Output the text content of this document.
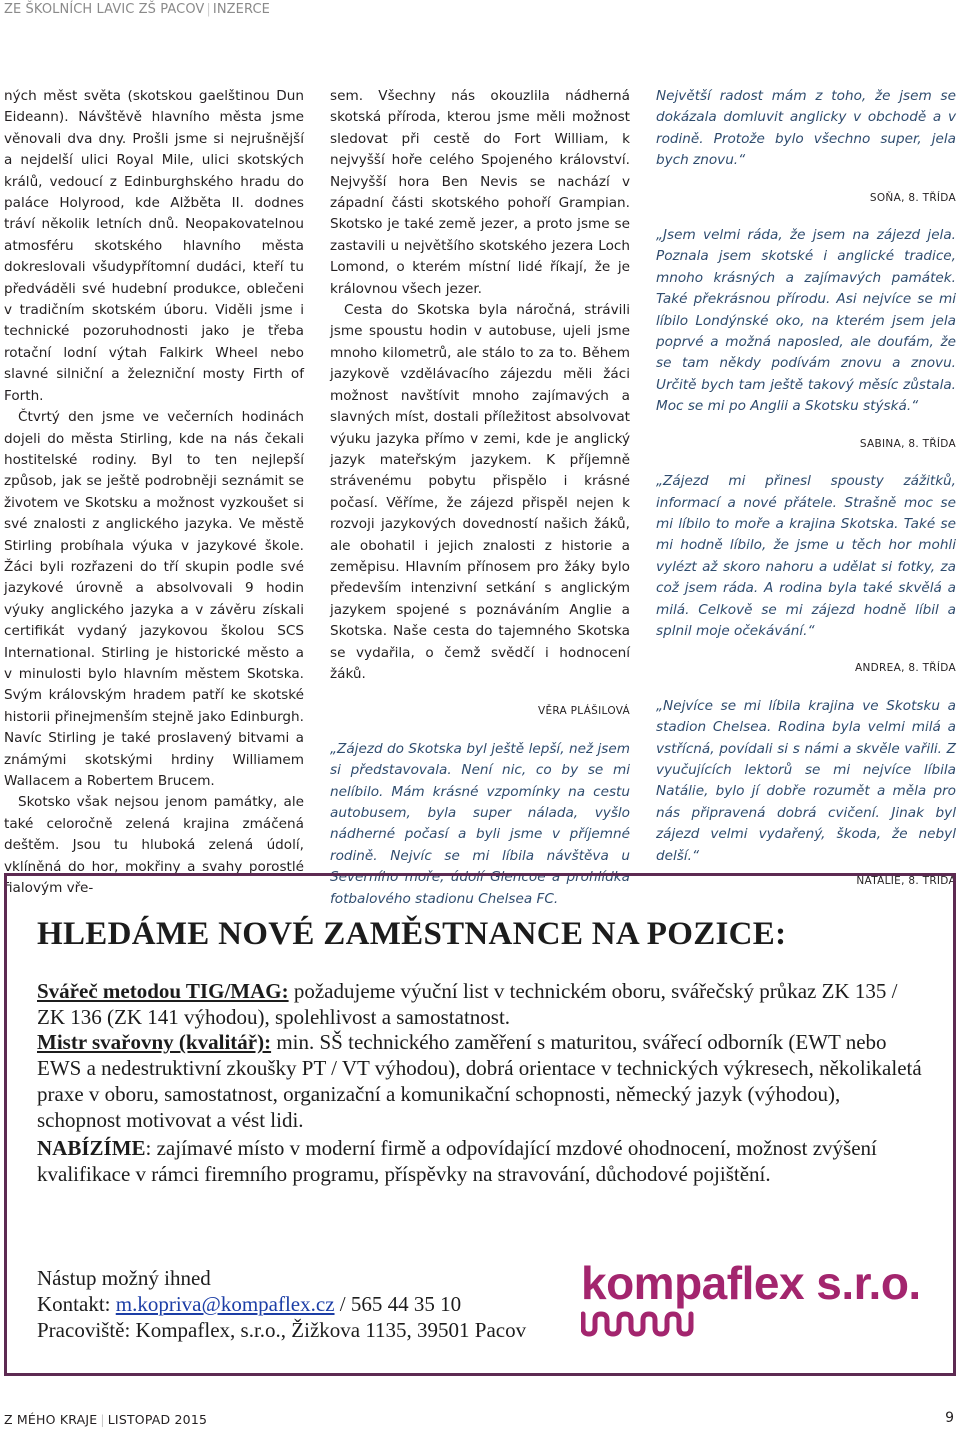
ZE ŠKOLNÍCH LAVIC ZŠ PACOV | INZERCE

ných měst světa (skotskou gaelštinou Dun Eideann). Návštěvě hlavního města jsme věnovali dva dny. Prošli jsme si nejrušnější a nejdelší ulici Royal Mile, ulici skotských králů, vedoucí z Edinburghského hradu do paláce Holyrood, kde Alžběta II. dodnes tráví několik letních dnů. Neopakovatelnou atmosféru skotského hlavního města dokreslovali všudypřítomní dudáci, kteří tu předváděli své hudební produkce, oblečeni v tradičním skotském úboru. Viděli jsme i technické pozoruhodnosti jako je třeba rotační lodní výtah Falkirk Wheel nebo slavné silniční a železniční mosty Firth of Forth.

Čtvrtý den jsme ve večerních hodinách dojeli do města Stirling, kde na nás čekali hostitelské rodiny. Byl to ten nejlepší způsob, jak se ještě podrobněji seznámit se životem ve Skotsku a možnost vyzkoušet si své znalosti z anglického jazyka. Ve městě Stirling probíhala výuka v jazykové škole. Žáci byli rozřazeni do tří skupin podle své jazykové úrovně a absolvovali 9 hodin výuky anglického jazyka a v závěru získali certifikát vydaný jazykovou školou SCS International. Stirling je historické město a v minulosti bylo hlavním městem Skotska. Svým královským hradem patří ke skotské historii přinejmenším stejně jako Edinburgh. Navíc Stirling je také proslavený bitvami a známými skotskými hrdiny Williamem Wallacem a Robertem Brucem.

Skotsko však nejsou jenom památky, ale také celoročně zelená krajina zmáčená deštěm. Jsou tu hluboká zelená údolí, vklíněná do hor, mokřiny a svahy porostlé fialovým vře-

sem. Všechny nás okouzlila nádherná skotská příroda, kterou jsme měli možnost sledovat při cestě do Fort William, k nejvyšší hoře celého Spojeného království. Nejvyšší hora Ben Nevis se nachází v západní části skotského pohoří Grampian. Skotsko je také země jezer, a proto jsme se zastavili u největšího skotského jezera Loch Lomond, o kterém místní lidé říkají, že je královnou všech jezer.

Cesta do Skotska byla náročná, strávili jsme spoustu hodin v autobuse, ujeli jsme mnoho kilometrů, ale stálo to za to. Během jazykově vzdělávacího zájezdu měli žáci možnost navštívit mnoho zajímavých a slavných míst, dostali příležitost absolvovat výuku jazyka přímo v zemi, kde je anglický jazyk mateřským jazykem. K příjemně strávenému pobytu přispělo i krásné počasí. Věříme, že zájezd přispěl nejen k rozvoji jazykových dovedností našich žáků, ale obohatil i jejich znalosti z historie a zeměpisu. Hlavním přínosem pro žáky bylo především intenzivní setkání s anglickým jazykem spojené s poznáváním Anglie a Skotska. Naše cesta do tajemného Skotska se vydařila, o čemž svědčí i hodnocení žáků.

VĚRA PLÁŠILOVÁ

„Zájezd do Skotska byl ještě lepší, než jsem si představovala. Není nic, co by se mi nelíbilo. Mám krásné vzpomínky na cestu autobusem, byla super nálada, vyšlo nádherné počasí a byli jsme v příjemné rodině. Nejvíc se mi líbila návštěva u Severního moře, údolí Glencoe a prohlídka fotbalového stadionu Chelsea FC.

Největší radost mám z toho, že jsem se dokázala domluvit anglicky v obchodě a v rodině. Protože bylo všechno super, jela bych znovu.“

SOŇA, 8. TŘÍDA

„Jsem velmi ráda, že jsem na zájezd jela. Poznala jsem skotské i anglické tradice, mnoho krásných a zajímavých památek. Také překrásnou přírodu. Asi nejvíce se mi líbilo Londýnské oko, na kterém jsem jela poprvé a možná naposled, ale doufám, že se tam někdy podívám znovu a znovu. Určitě bych tam ještě takový měsíc zůstala. Moc se mi po Anglii a Skotsku stýská.“

SABINA, 8. TŘÍDA

„Zájezd mi přinesl spousty zážitků, informací a nové přátele. Strašně moc se mi líbilo to moře a krajina Skotska. Také se mi hodně líbilo, že jsme u těch hor mohli vylézt až skoro nahoru a udělat si fotky, za což jsem ráda. A rodina byla také skvělá a milá. Celkově se mi zájezd hodně líbil a splnil moje očekávání.“

ANDREA, 8. TŘÍDA

„Nejvíce se mi líbila krajina ve Skotsku a stadion Chelsea. Rodina byla velmi milá a vstřícná, povídali si s námi a skvěle vařili. Z vyučujících lektorů se mi nejvíce líbila Natálie, bylo jí dobře rozumět a měla pro nás připravená dobrá cvičení. Jinak byl zájezd velmi vydařený, škoda, že nebyl delší.“

NATÁLIE, 8. TŘÍDA
HLEDÁME NOVÉ ZAMĚSTNANCE NA POZICE:
Svářeč metodou TIG/MAG: požadujeme výuční list v technickém oboru, svářečský průkaz ZK 135 / ZK 136 (ZK 141 výhodou), spolehlivost a samostatnost.
Mistr svařovny (kvalitář): min. SŠ technického zaměření s maturitou, svářecí odborník (EWT nebo EWS a nedestruktivní zkoušky PT / VT výhodou), dobrá orientace v technických výkresech, několikaletá praxe v oboru, samostatnost, organizační a komunikační schopnosti, německý jazyk (výhodou), schopnost motivovat a vést lidi.
NABÍZÍME: zajímavé místo v moderní firmě a odpovídající mzdové ohodnocení, možnost zvýšení kvalifikace v rámci firemního programu, příspěvky na stravování, důchodové pojištění.
Nástup možný ihned
Kontakt: m.kopriva@kompaflex.cz / 565 44 35 10
Pracoviště: Kompaflex, s.r.o., Žižkova 1135, 39501 Pacov
kompaflex s.r.o.
Z MÉHO KRAJE | LISTOPAD 2015	9
